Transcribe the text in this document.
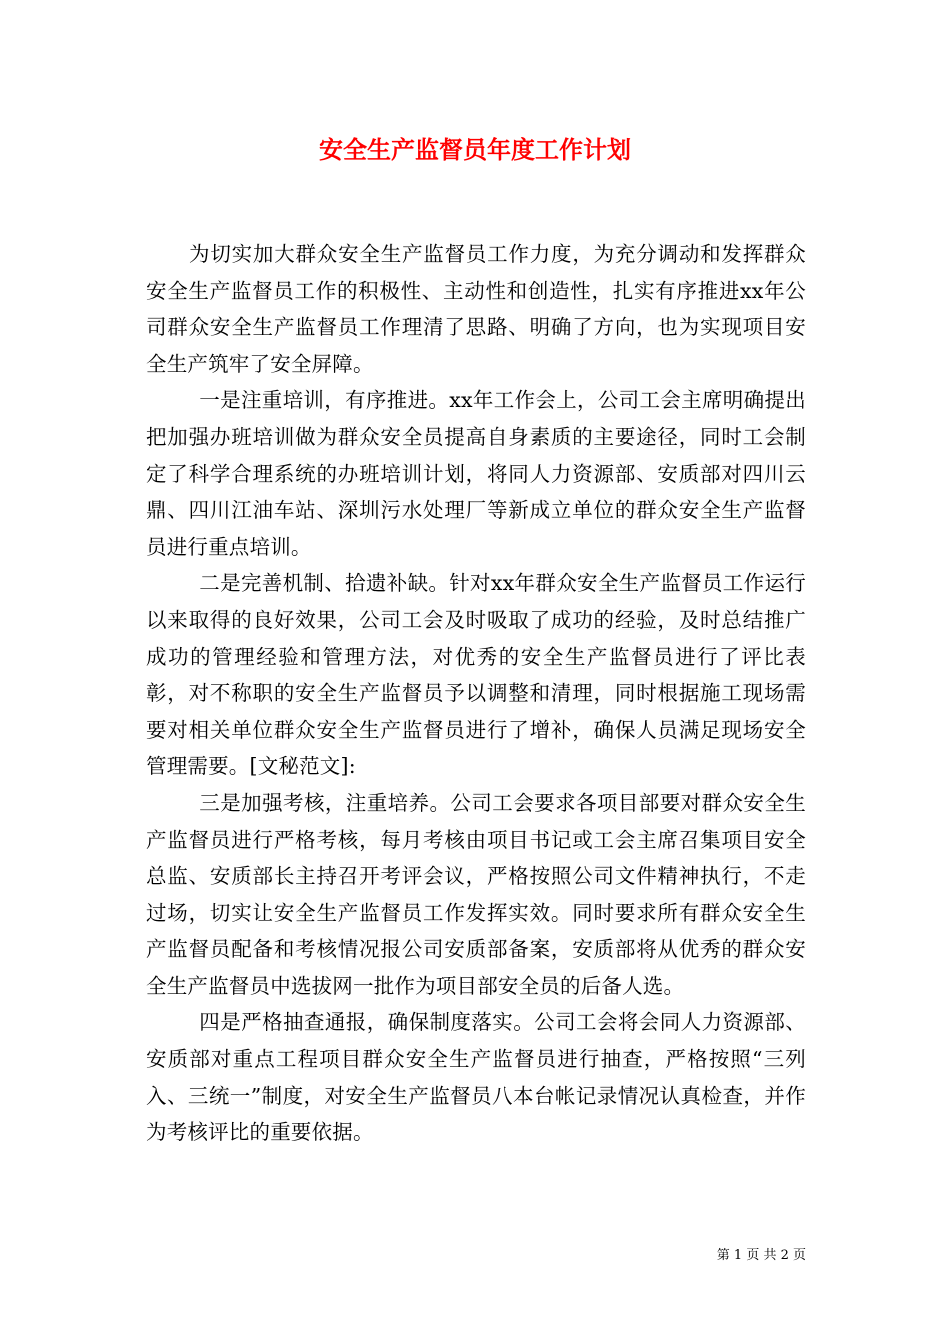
安全生产监督员年度工作计划

为切实加大群众安全生产监督员工作力度，为充分调动和发挥群众安全生产监督员工作的积极性、主动性和创造性，扎实有序推进xx年公司群众安全生产监督员工作理清了思路、明确了方向，也为实现项目安全生产筑牢了安全屏障。

一是注重培训，有序推进。xx年工作会上，公司工会主席明确提出把加强办班培训做为群众安全员提高自身素质的主要途径，同时工会制定了科学合理系统的办班培训计划，将同人力资源部、安质部对四川云鼎、四川江油车站、深圳污水处理厂等新成立单位的群众安全生产监督员进行重点培训。

二是完善机制、拾遗补缺。针对xx年群众安全生产监督员工作运行以来取得的良好效果，公司工会及时吸取了成功的经验，及时总结推广成功的管理经验和管理方法，对优秀的安全生产监督员进行了评比表彰，对不称职的安全生产监督员予以调整和清理，同时根据施工现场需要对相关单位群众安全生产监督员进行了增补，确保人员满足现场安全管理需要。[文秘范文]:

三是加强考核，注重培养。公司工会要求各项目部要对群众安全生产监督员进行严格考核，每月考核由项目书记或工会主席召集项目安全总监、安质部长主持召开考评会议，严格按照公司文件精神执行，不走过场，切实让安全生产监督员工作发挥实效。同时要求所有群众安全生产监督员配备和考核情况报公司安质部备案，安质部将从优秀的群众安全生产监督员中选拔网一批作为项目部安全员的后备人选。

四是严格抽查通报，确保制度落实。公司工会将会同人力资源部、安质部对重点工程项目群众安全生产监督员进行抽查，严格按照“三列入、三统一”制度，对安全生产监督员八本台帐记录情况认真检查，并作为考核评比的重要依据。

第 1 页 共 2 页
